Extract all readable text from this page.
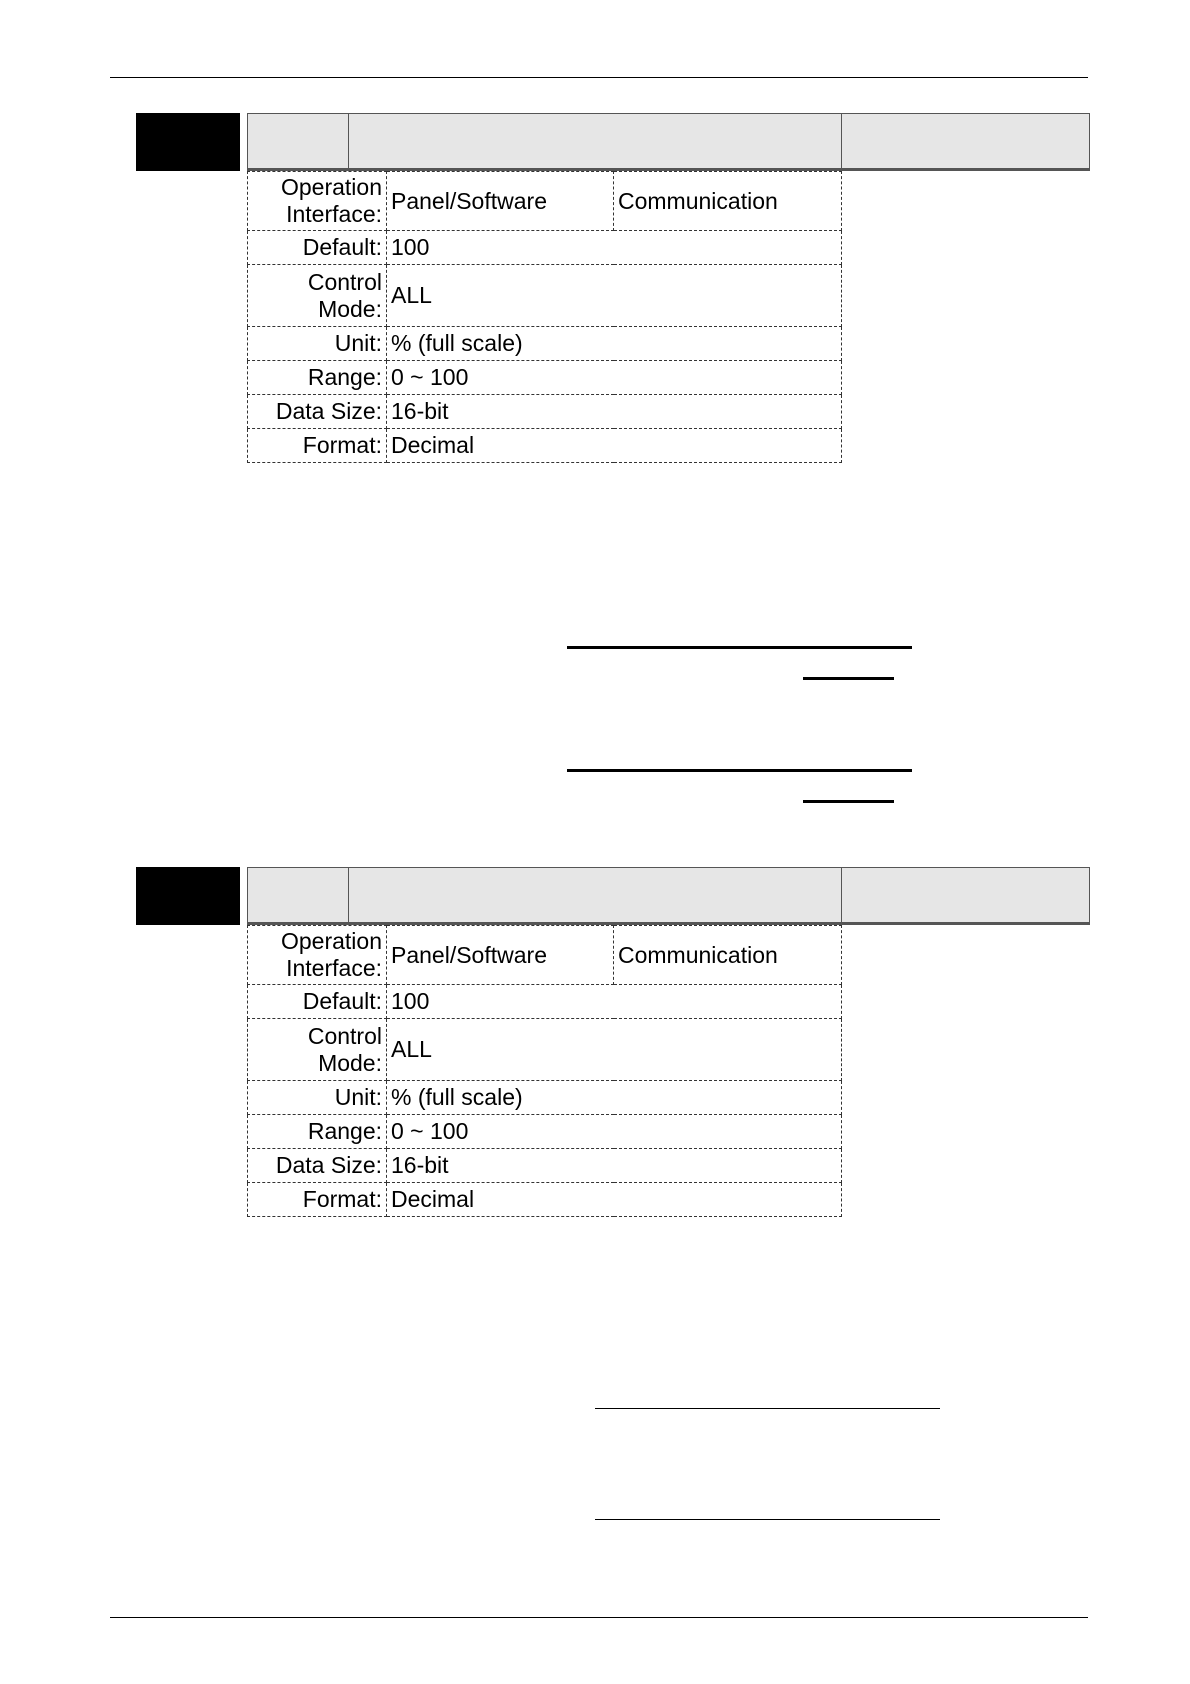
Operation Interface:	Panel/Software	Communication
Default:	100	
Control Mode:	ALL	
Unit:	% (full scale)	
Range:	0 ~ 100	
Data Size:	16-bit	
Format:	Decimal	
Operation Interface:	Panel/Software	Communication
Default:	100	
Control Mode:	ALL	
Unit:	% (full scale)	
Range:	0 ~ 100	
Data Size:	16-bit	
Format:	Decimal	
